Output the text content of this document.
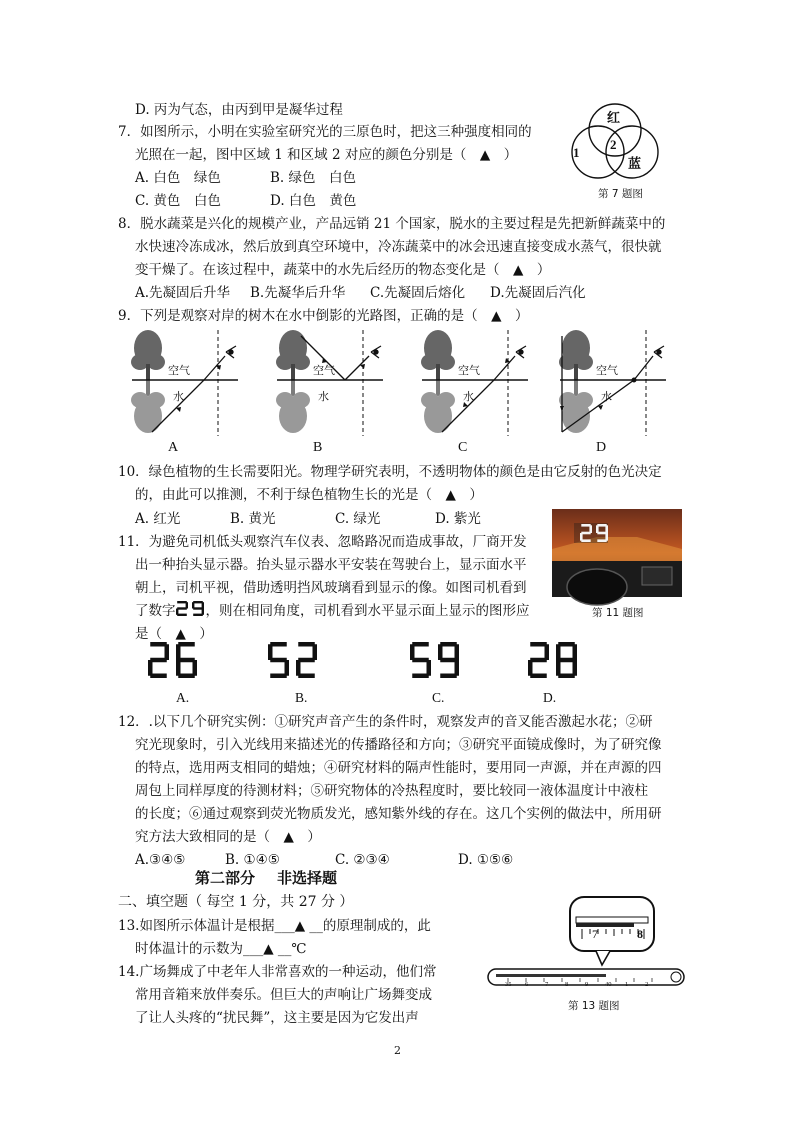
D. 丙为气态，由丙到甲是凝华过程
7．如图所示，小明在实验室研究光的三原色时，把这三种强度相同的
光照在一起，图中区域 1 和区域 2 对应的颜色分别是（　▲　）
A. 白色　绿色	B. 绿色　白色
C. 黄色　白色	D. 白色　黄色
红
1
2
蓝
第 7 题图
8．脱水蔬菜是兴化的规模产业，产品远销 21 个国家，脱水的主要过程是先把新鲜蔬菜中的
水快速冷冻成冰，然后放到真空环境中，冷冻蔬菜中的冰会迅速直接变成水蒸气，很快就
变干燥了。在该过程中，蔬菜中的水先后经历的物态变化是（　▲　）
A.先凝固后升华 B.先凝华后升华 C.先凝固后熔化 D.先凝固后汽化
9．下列是观察对岸的树木在水中倒影的光路图，正确的是（　▲　）
空气
水
A
空气
水
B
空气
水
C
空气
水
D
10．绿色植物的生长需要阳光。物理学研究表明，不透明物体的颜色是由它反射的色光决定
的，由此可以推测，不利于绿色植物生长的光是（　▲　）
A. 红光	B. 黄光	C. 绿光	D. 紫光
11．为避免司机低头观察汽车仪表、忽略路况而造成事故，厂商开发
出一种抬头显示器。抬头显示器水平安装在驾驶台上，显示面水平
朝上，司机平视，借助透明挡风玻璃看到显示的像。如图司机看到
了数字 ，则在相同角度，司机看到水平显示面上显示的图形应
是（　▲　）
第 11 题图
A.	B.	C.	D.
12．.以下几个研究实例：①研究声音产生的条件时，观察发声的音叉能否激起水花；②研
究光现象时，引入光线用来描述光的传播路径和方向；③研究平面镜成像时，为了研究像
的特点，选用两支相同的蜡烛；④研究材料的隔声性能时，要用同一声源，并在声源的四
周包上同样厚度的待测材料；⑤研究物体的冷热程度时，要比较同一液体温度计中液柱
的长度；⑥通过观察到荧光物质发光，感知紫外线的存在。这几个实例的做法中，所用研
究方法大致相同的是（　▲　）
A.③④⑤	B. ①④⑤	C. ②③④	D. ①⑤⑥
第二部分 非选择题
二、填空题（ 每空 1 分，共 27 分 ）
13.如图所示体温计是根据___▲ __的原理制成的，此
时体温计的示数为___▲ __℃
7	8
35 6	7	8	9	40 1	2
第 13 题图
14.广场舞成了中老年人非常喜欢的一种运动，他们常
常用音箱来放伴奏乐。但巨大的声响让广场舞变成
了让人头疼的“扰民舞”，这主要是因为它发出声
2
